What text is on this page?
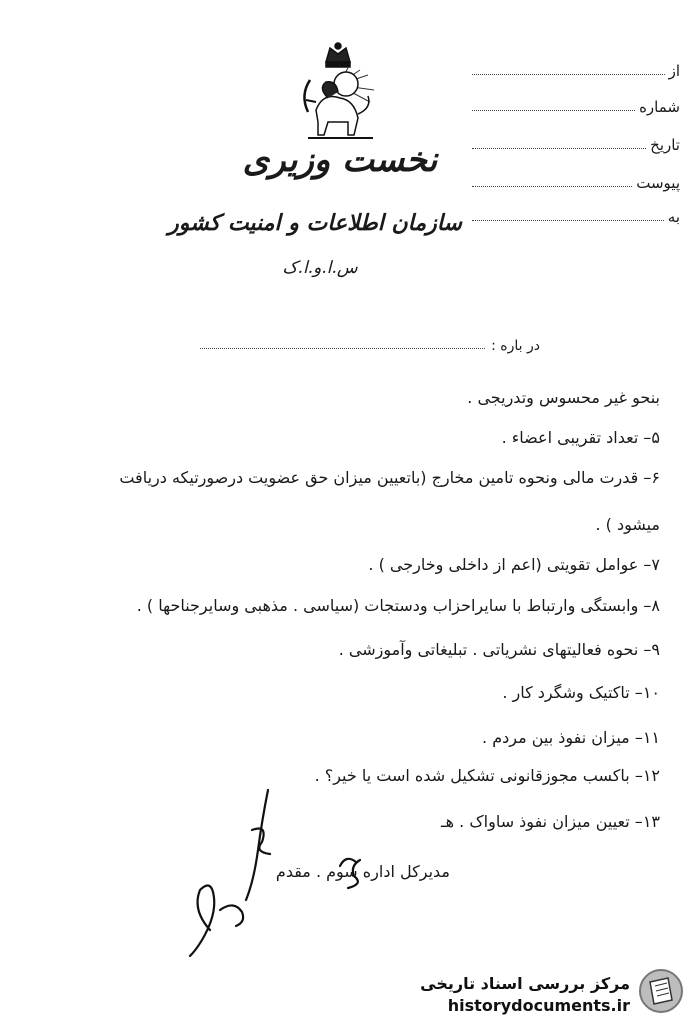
نخست وزیری
سازمان اطلاعات و امنیت کشور
س.ا.و.ا.ک
از
شماره
تاریخ
پیوست
به
در باره :
بنحو غیر محسوس وتدریجی .
۵– تعداد تقریبی اعضاء .
۶– قدرت مالی ونحوه تامین مخارج (باتعیین میزان حق عضویت درصورتیکه دریافت
میشود ) .
۷– عوامل تقویتی (اعم از داخلی وخارجی ) .
۸– وابستگی وارتباط با سایراحزاب ودستجات (سیاسی . مذهبی وسایرجناحها ) .
۹– نحوه فعالیتهای نشریاتی . تبلیغاتی وآموزشی .
۱۰– تاکتیک وشگرد کار .
۱۱– میزان نفوذ بین مردم .
۱۲– باکسب مجوزقانونی تشکیل شده است یا خیر؟ .
۱۳– تعیین میزان نفوذ ساواک . هـ
مدیرکل اداره سوم . مقدم
مرکز بررسی اسناد تاریخی
historydocuments.ir
